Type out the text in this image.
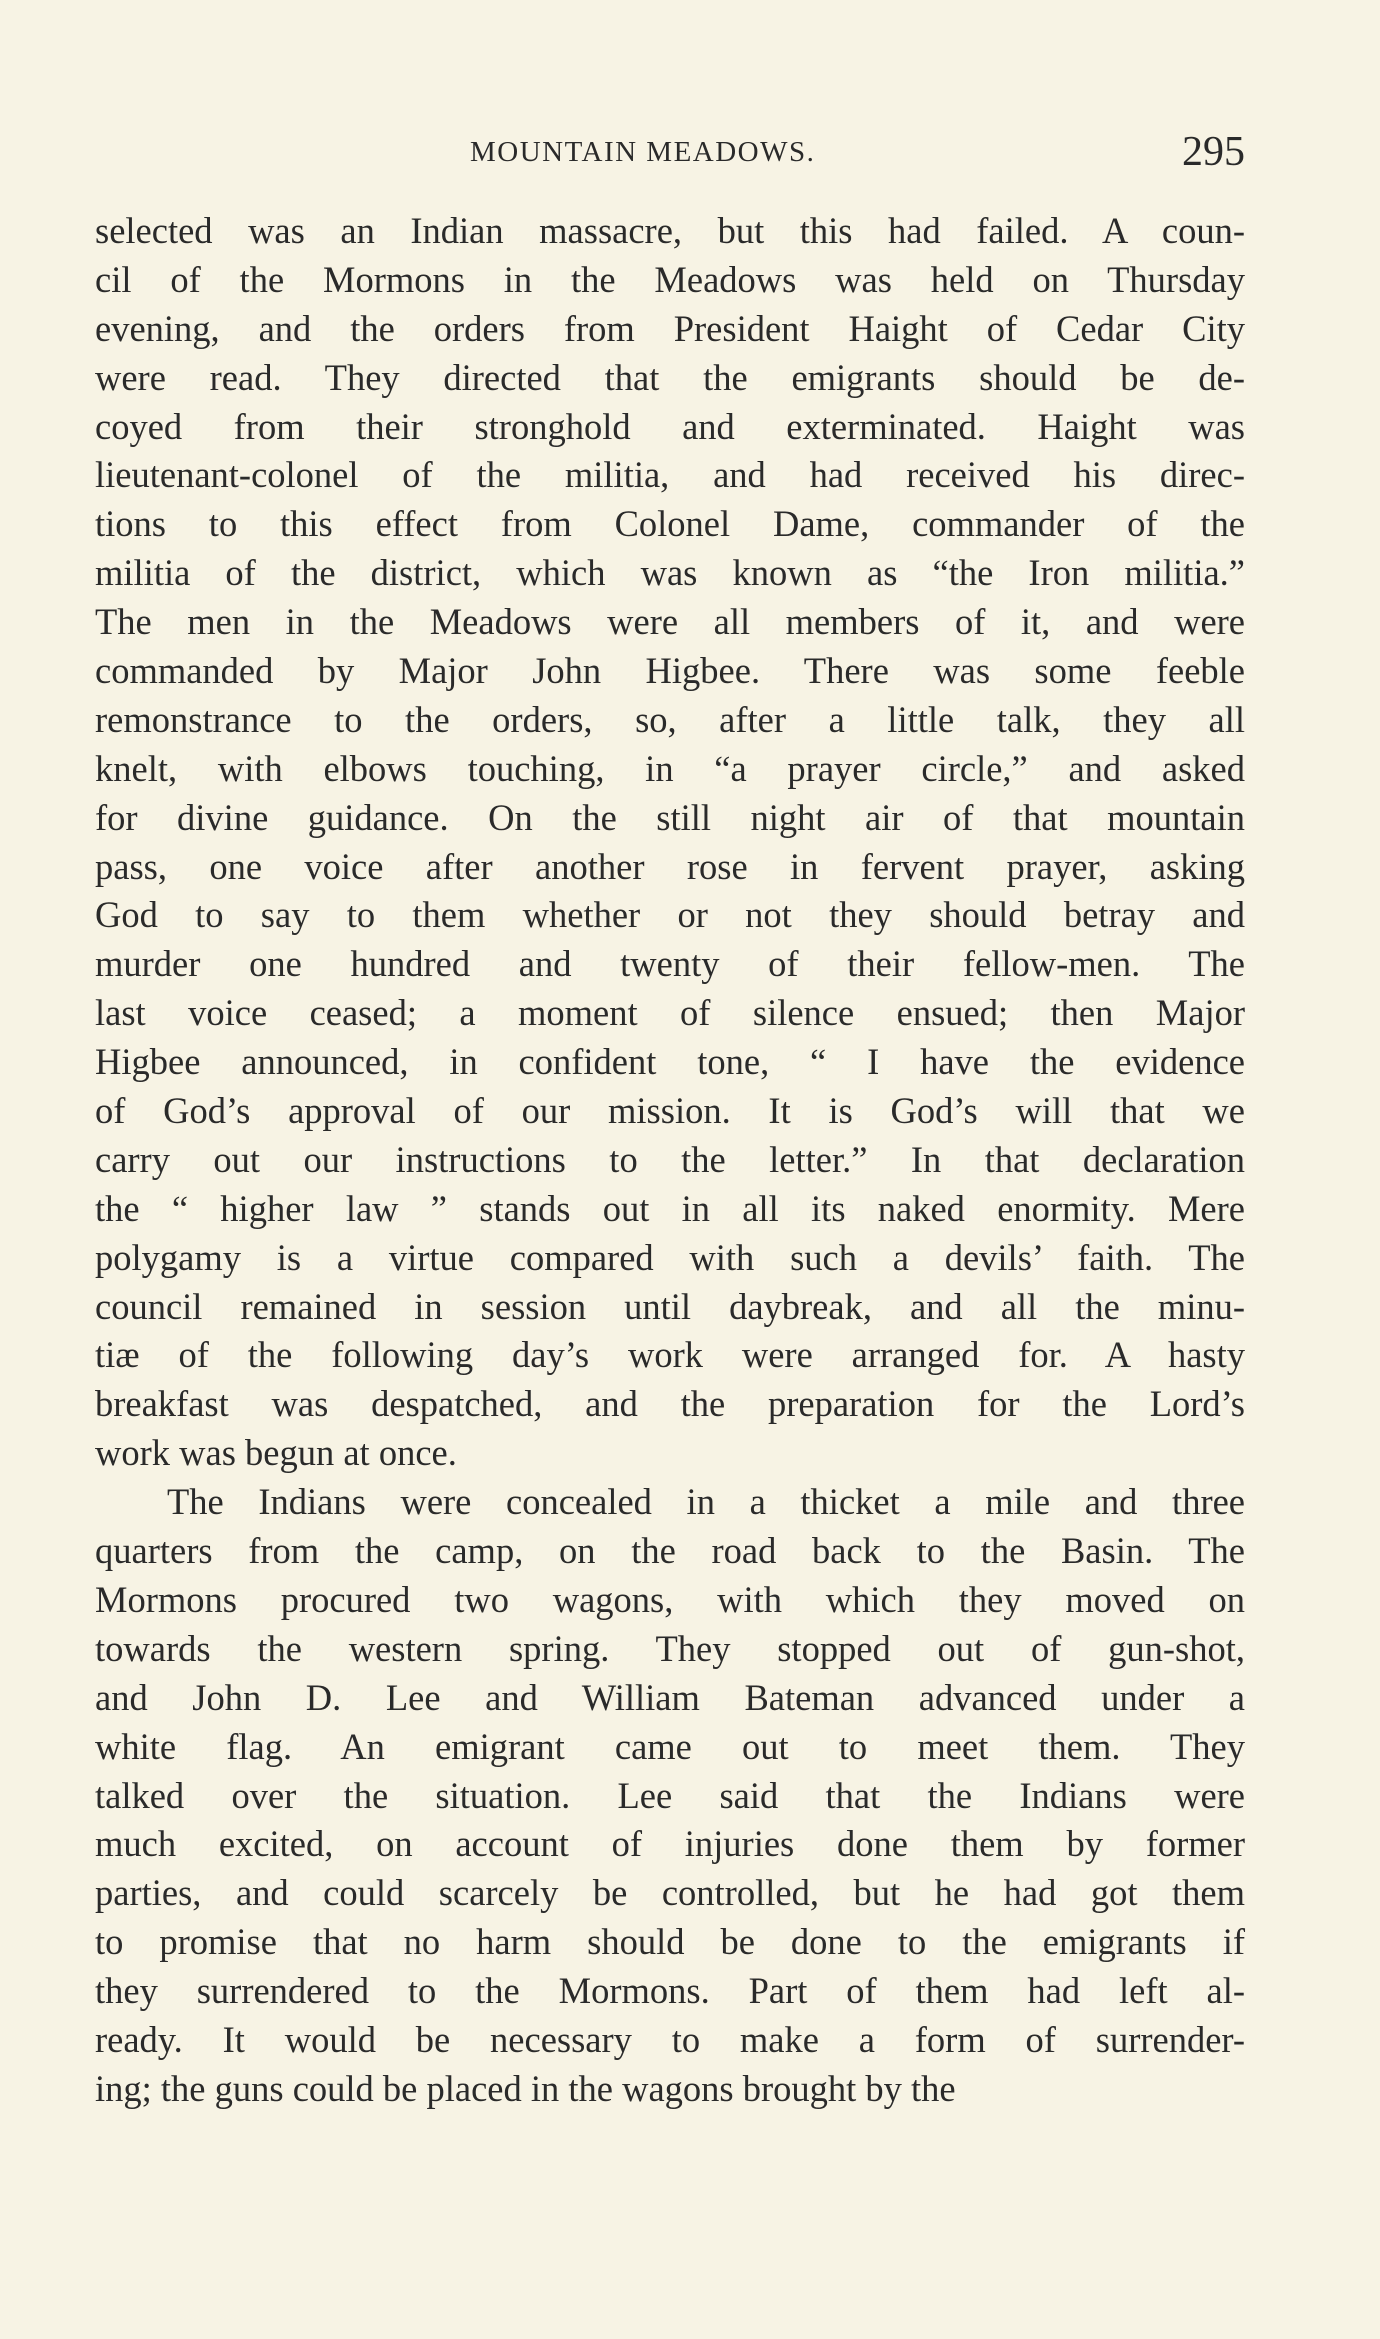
MOUNTAIN MEADOWS.	295
selected was an Indian massacre, but this had failed. A coun-
cil of the Mormons in the Meadows was held on Thursday
evening, and the orders from President Haight of Cedar City
were read. They directed that the emigrants should be de-
coyed from their stronghold and exterminated. Haight was
lieutenant-colonel of the militia, and had received his direc-
tions to this effect from Colonel Dame, commander of the
militia of the district, which was known as “the Iron militia.”
The men in the Meadows were all members of it, and were
commanded by Major John Higbee. There was some feeble
remonstrance to the orders, so, after a little talk, they all
knelt, with elbows touching, in “a prayer circle,” and asked
for divine guidance. On the still night air of that mountain
pass, one voice after another rose in fervent prayer, asking
God to say to them whether or not they should betray and
murder one hundred and twenty of their fellow-men. The
last voice ceased; a moment of silence ensued; then Major
Higbee announced, in confident tone, “ I have the evidence
of God’s approval of our mission. It is God’s will that we
carry out our instructions to the letter.” In that declaration
the “ higher law ” stands out in all its naked enormity. Mere
polygamy is a virtue compared with such a devils’ faith. The
council remained in session until daybreak, and all the minu-
tiæ of the following day’s work were arranged for. A hasty
breakfast was despatched, and the preparation for the Lord’s
work was begun at once.
The Indians were concealed in a thicket a mile and three
quarters from the camp, on the road back to the Basin. The
Mormons procured two wagons, with which they moved on
towards the western spring. They stopped out of gun-shot,
and John D. Lee and William Bateman advanced under a
white flag. An emigrant came out to meet them. They
talked over the situation. Lee said that the Indians were
much excited, on account of injuries done them by former
parties, and could scarcely be controlled, but he had got them
to promise that no harm should be done to the emigrants if
they surrendered to the Mormons. Part of them had left al-
ready. It would be necessary to make a form of surrender-
ing; the guns could be placed in the wagons brought by the
